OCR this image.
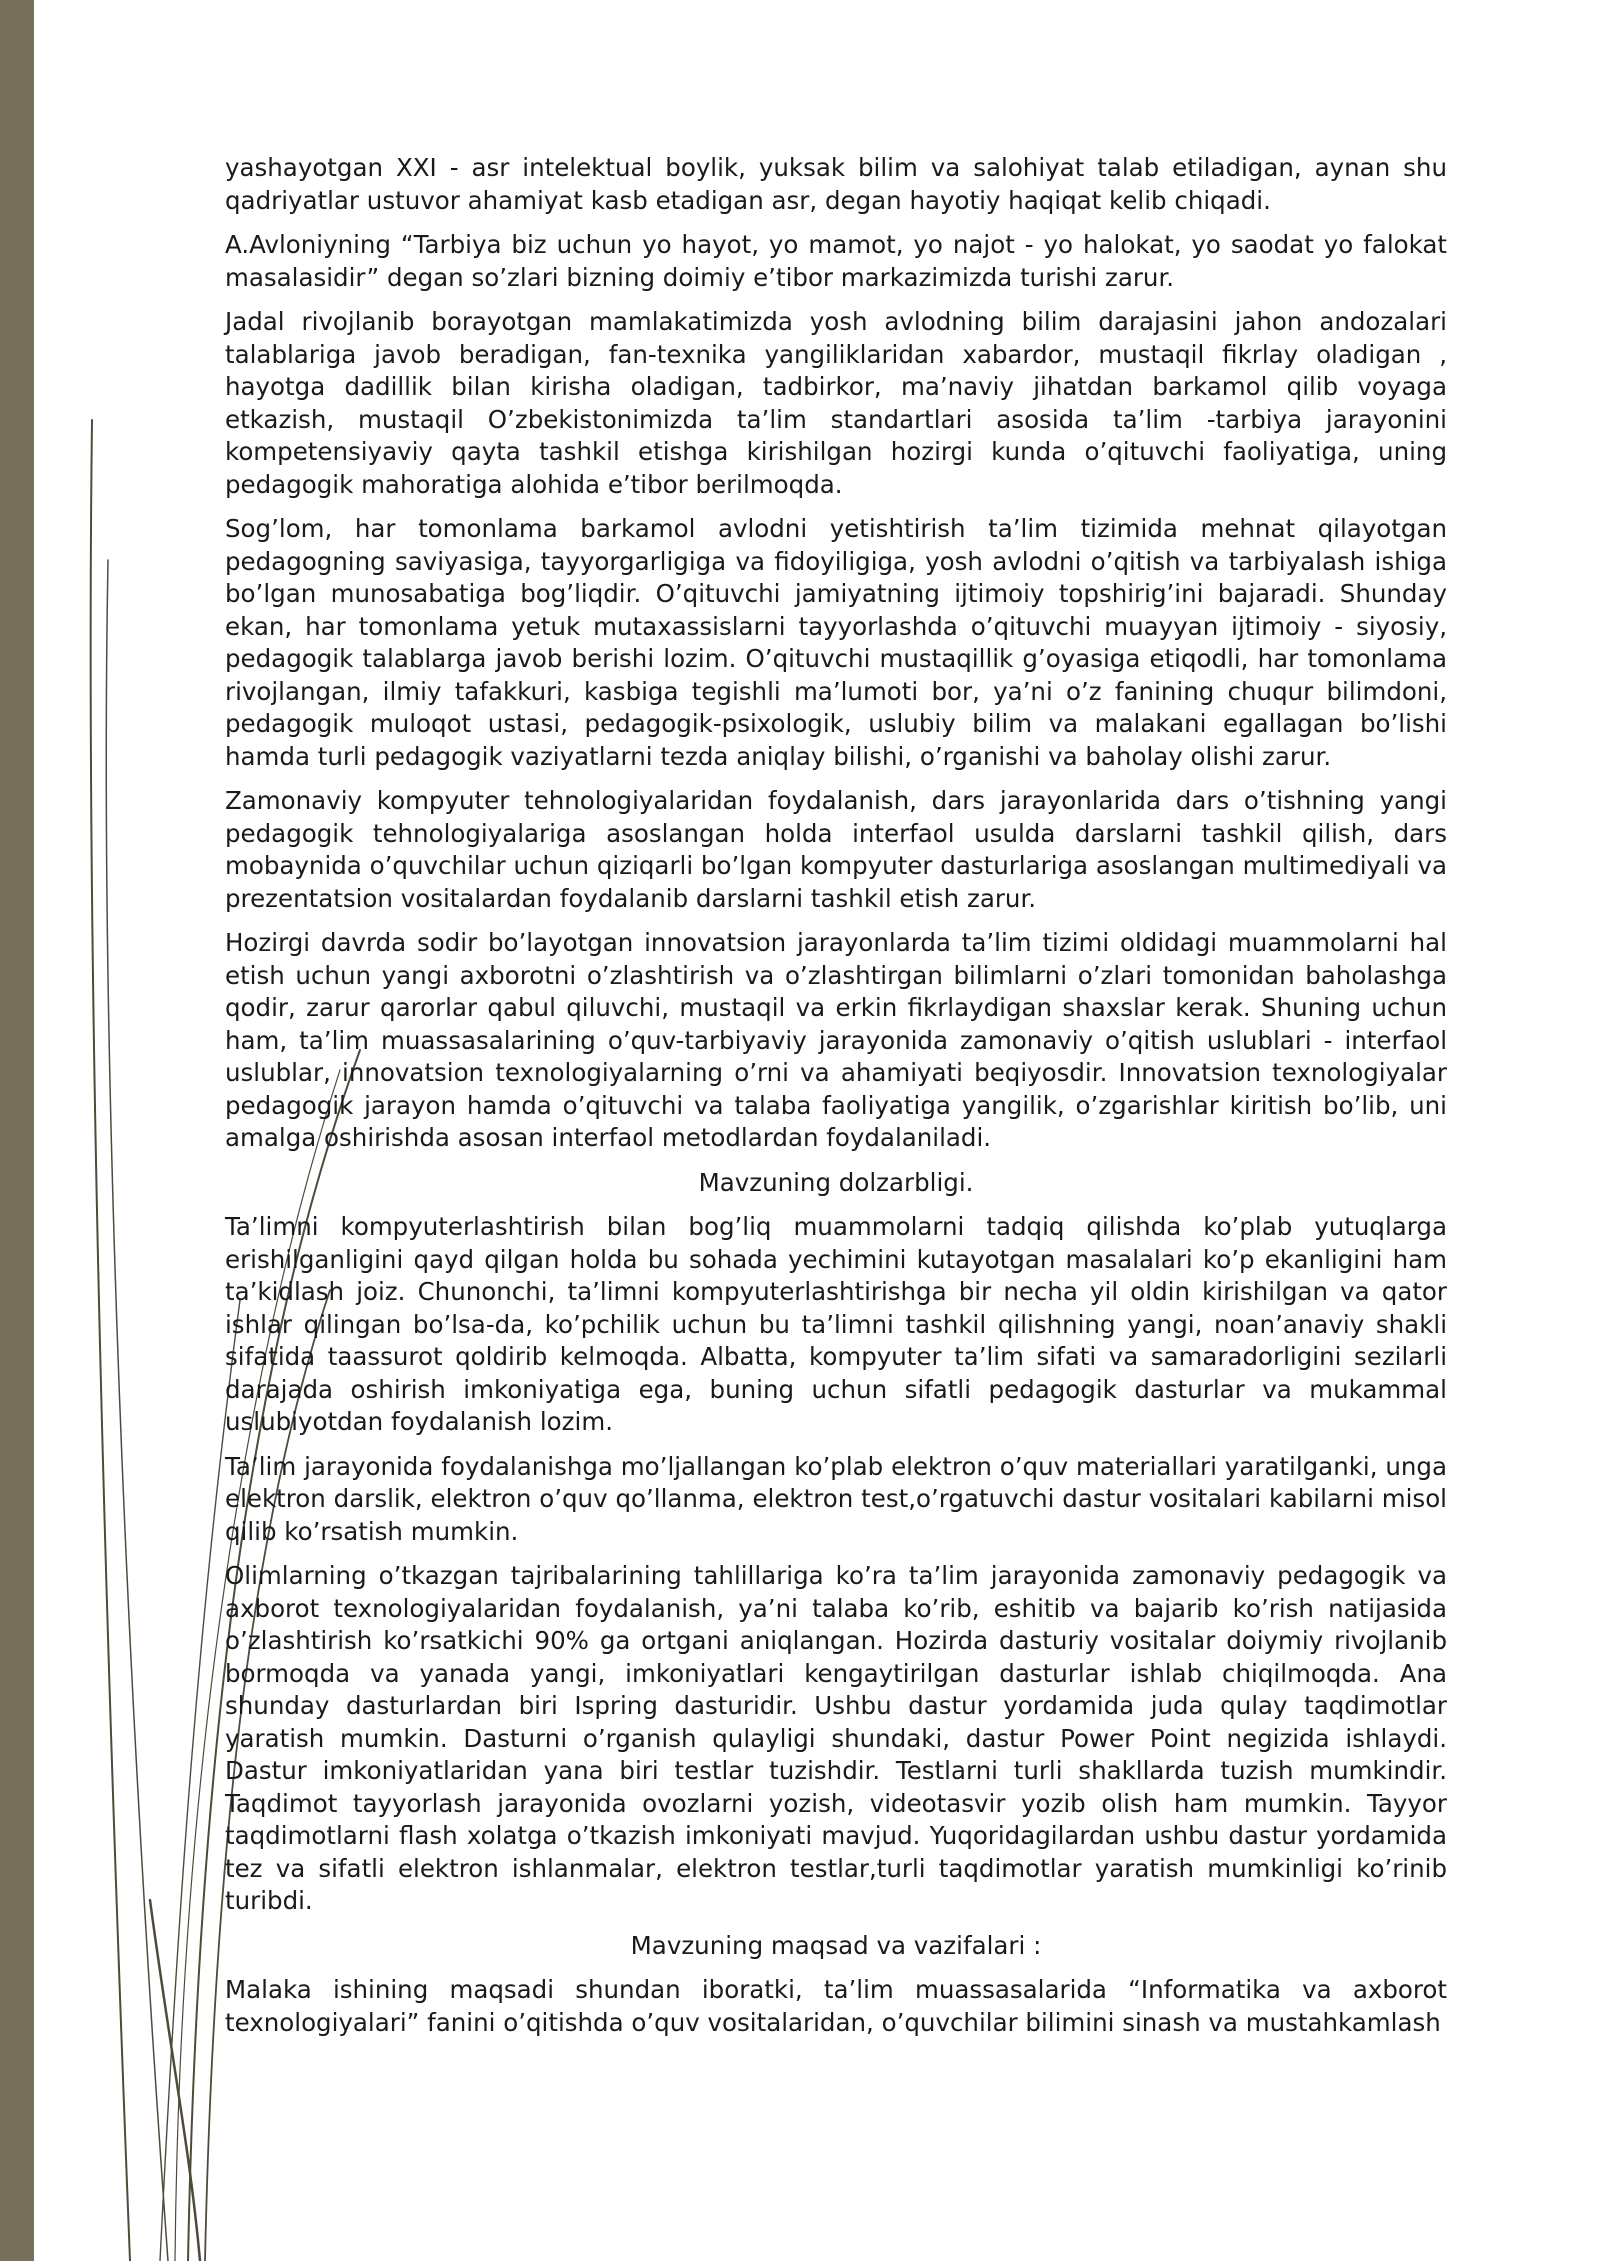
yashayotgan XXI - asr intelektual boylik, yuksak bilim va salohiyat talab etiladigan, aynan shu qadriyatlar ustuvor ahamiyat kasb etadigan asr, degan hayotiy haqiqat kelib chiqadi.

A.Avloniyning “Tarbiya biz uchun yo hayot, yo mamot, yo najot - yo halokat, yo saodat yo falokat masalasidir” degan so’zlari bizning doimiy e’tibor markazimizda turishi zarur.

Jadal rivojlanib borayotgan mamlakatimizda yosh avlodning bilim darajasini jahon andozalari talablariga javob beradigan, fan-texnika yangiliklaridan xabardor, mustaqil fikrlay oladigan , hayotga dadillik bilan kirisha oladigan, tadbirkor, ma’naviy jihatdan barkamol qilib voyaga etkazish, mustaqil O’zbekistonimizda ta’lim standartlari asosida ta’lim -tarbiya jarayonini kompetensiyaviy qayta tashkil etishga kirishilgan hozirgi kunda o’qituvchi faoliyatiga, uning pedagogik mahoratiga alohida e’tibor berilmoqda.

Sog’lom, har tomonlama barkamol avlodni yetishtirish ta’lim tizimida mehnat qilayotgan pedagogning saviyasiga, tayyorgarligiga va fidoyiligiga, yosh avlodni o’qitish va tarbiyalash ishiga bo’lgan munosabatiga bog’liqdir. O’qituvchi jamiyatning ijtimoiy topshirig’ini bajaradi. Shunday ekan, har tomonlama yetuk mutaxassislarni tayyorlashda o’qituvchi muayyan ijtimoiy - siyosiy, pedagogik talablarga javob berishi lozim. O’qituvchi mustaqillik g’oyasiga etiqodli, har tomonlama rivojlangan, ilmiy tafakkuri, kasbiga tegishli ma’lumoti bor, ya’ni o’z fanining chuqur bilimdoni, pedagogik muloqot ustasi, pedagogik-psixologik, uslubiy bilim va malakani egallagan bo’lishi hamda turli pedagogik vaziyatlarni tezda aniqlay bilishi, o’rganishi va baholay olishi zarur.

Zamonaviy kompyuter tehnologiyalaridan foydalanish, dars jarayonlarida dars o’tishning yangi pedagogik tehnologiyalariga asoslangan holda interfaol usulda darslarni tashkil qilish, dars mobaynida o’quvchilar uchun qiziqarli bo’lgan kompyuter dasturlariga asoslangan multimediyali va prezentatsion vositalardan foydalanib darslarni tashkil etish zarur.

Hozirgi davrda sodir bo’layotgan innovatsion jarayonlarda ta’lim tizimi oldidagi muammolarni hal etish uchun yangi axborotni o’zlashtirish va o’zlashtirgan bilimlarni o’zlari tomonidan baholashga qodir, zarur qarorlar qabul qiluvchi, mustaqil va erkin fikrlaydigan shaxslar kerak. Shuning uchun ham, ta’lim muassasalarining o’quv-tarbiyaviy jarayonida zamonaviy o’qitish uslublari - interfaol uslublar, innovatsion texnologiyalarning o’rni va ahamiyati beqiyosdir. Innovatsion texnologiyalar pedagogik jarayon hamda o’qituvchi va talaba faoliyatiga yangilik, o’zgarishlar kiritish bo’lib, uni amalga oshirishda asosan interfaol metodlardan foydalaniladi.

Mavzuning dolzarbligi.

Ta’limni kompyuterlashtirish bilan bog’liq muammolarni tadqiq qilishda ko’plab yutuqlarga erishilganligini qayd qilgan holda bu sohada yechimini kutayotgan masalalari ko’p ekanligini ham ta’kidlash joiz. Chunonchi, ta’limni kompyuterlashtirishga bir necha yil oldin kirishilgan va qator ishlar qilingan bo’lsa-da, ko’pchilik uchun bu ta’limni tashkil qilishning yangi, noan’anaviy shakli sifatida taassurot qoldirib kelmoqda. Albatta, kompyuter ta’lim sifati va samaradorligini sezilarli darajada oshirish imkoniyatiga ega, buning uchun sifatli pedagogik dasturlar va mukammal uslubiyotdan foydalanish lozim.

Ta’lim jarayonida foydalanishga mo’ljallangan ko’plab elektron o’quv materiallari yaratilganki, unga elektron darslik, elektron o’quv qo’llanma, elektron test,o’rgatuvchi dastur vositalari kabilarni misol qilib ko’rsatish mumkin.

Olimlarning o’tkazgan tajribalarining tahlillariga ko’ra ta’lim jarayonida zamonaviy pedagogik va axborot texnologiyalaridan foydalanish, ya’ni talaba ko’rib, eshitib va bajarib ko’rish natijasida o’zlashtirish ko’rsatkichi 90% ga ortgani aniqlangan. Hozirda dasturiy vositalar doiymiy rivojlanib bormoqda va yanada yangi, imkoniyatlari kengaytirilgan dasturlar ishlab chiqilmoqda. Ana shunday dasturlardan biri Ispring dasturidir. Ushbu dastur yordamida juda qulay taqdimotlar yaratish mumkin. Dasturni o’rganish qulayligi shundaki, dastur Power Point negizida ishlaydi. Dastur imkoniyatlaridan yana biri testlar tuzishdir. Testlarni turli shakllarda tuzish mumkindir. Taqdimot tayyorlash jarayonida ovozlarni yozish, videotasvir yozib olish ham mumkin. Tayyor taqdimotlarni flash xolatga o’tkazish imkoniyati mavjud. Yuqoridagilardan ushbu dastur yordamida tez va sifatli elektron ishlanmalar, elektron testlar,turli taqdimotlar yaratish mumkinligi ko’rinib turibdi.

Mavzuning maqsad va vazifalari :

Malaka ishining maqsadi shundan iboratki, ta’lim muassasalarida “Informatika va axborot texnologiyalari” fanini o’qitishda o’quv vositalaridan, o’quvchilar bilimini sinash va mustahkamlash
